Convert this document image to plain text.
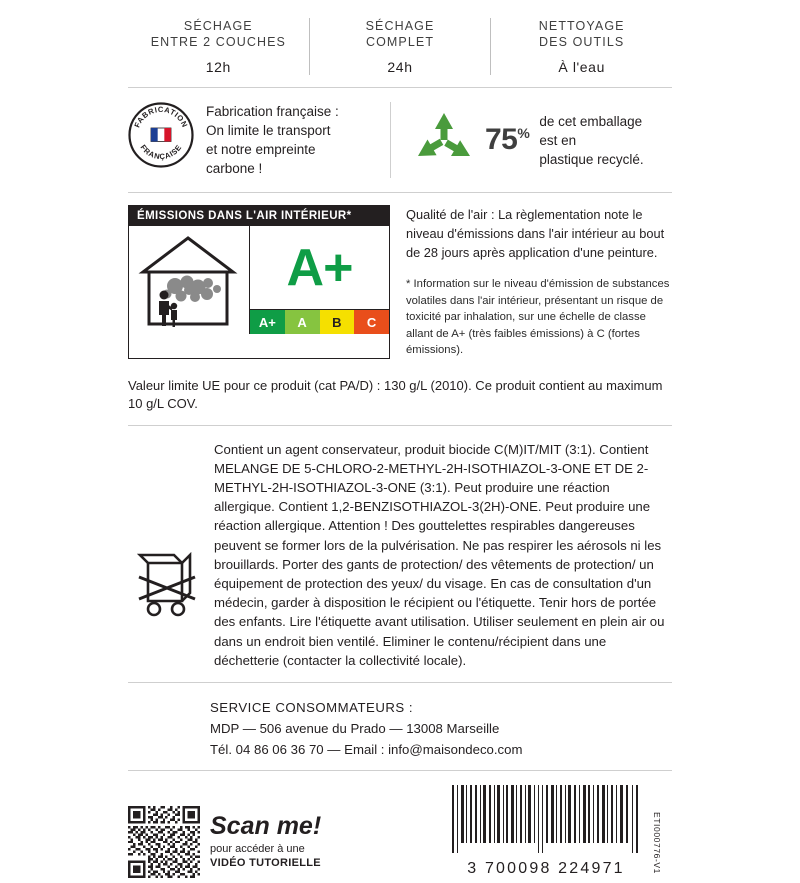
SÉCHAGE
ENTRE 2 COUCHES
12h
SÉCHAGE
COMPLET
24h
NETTOYAGE
DES OUTILS
À l'eau
FABRICATION
FRANÇAISE
Fabrication française :
On limite le transport
et notre empreinte
carbone !
75%
de cet emballage
est en
plastique recyclé.
ÉMISSIONS DANS L'AIR INTÉRIEUR*
A+
A+	A	B	C
Qualité de l'air : La règlementation note le niveau d'émissions dans l'air intérieur au bout de 28 jours après application d'une peinture.
* Information sur le niveau d'émission de substances volatiles dans l'air intérieur, présentant un risque de toxicité par inhalation, sur une échelle de classe allant de A+ (très faibles émissions) à C (fortes émissions).
Valeur limite UE pour ce produit (cat PA/D) : 130 g/L (2010). Ce produit contient au maximum 10 g/L COV.
Contient un agent conservateur, produit biocide C(M)IT/MIT (3:1). Contient MELANGE DE 5-CHLORO-2-METHYL-2H-ISOTHIAZOL-3-ONE ET DE 2-METHYL-2H-ISOTHIAZOL-3-ONE (3:1). Peut produire une réaction allergique. Contient 1,2-BENZISOTHIAZOL-3(2H)-ONE. Peut produire une réaction allergique. Attention ! Des gouttelettes respirables dangereuses peuvent se former lors de la pulvérisation. Ne pas respirer les aérosols ni les brouillards. Porter des gants de protection/ des vêtements de protection/ un équipement de protection des yeux/ du visage. En cas de consultation d'un médecin, garder à disposition le récipient ou l'étiquette. Tenir hors de portée des enfants. Lire l'étiquette avant utilisation. Utiliser seulement en plein air ou dans un endroit bien ventilé. Eliminer le contenu/récipient dans une déchetterie (contacter la collectivité locale).
SERVICE CONSOMMATEURS :
MDP — 506 avenue du Prado — 13008 Marseille
Tél. 04 86 06 36 70 — Email : info@maisondeco.com
Scan me!
pour accéder à une
VIDÉO TUTORIELLE	3 700098 224971	ETI000776-V1
